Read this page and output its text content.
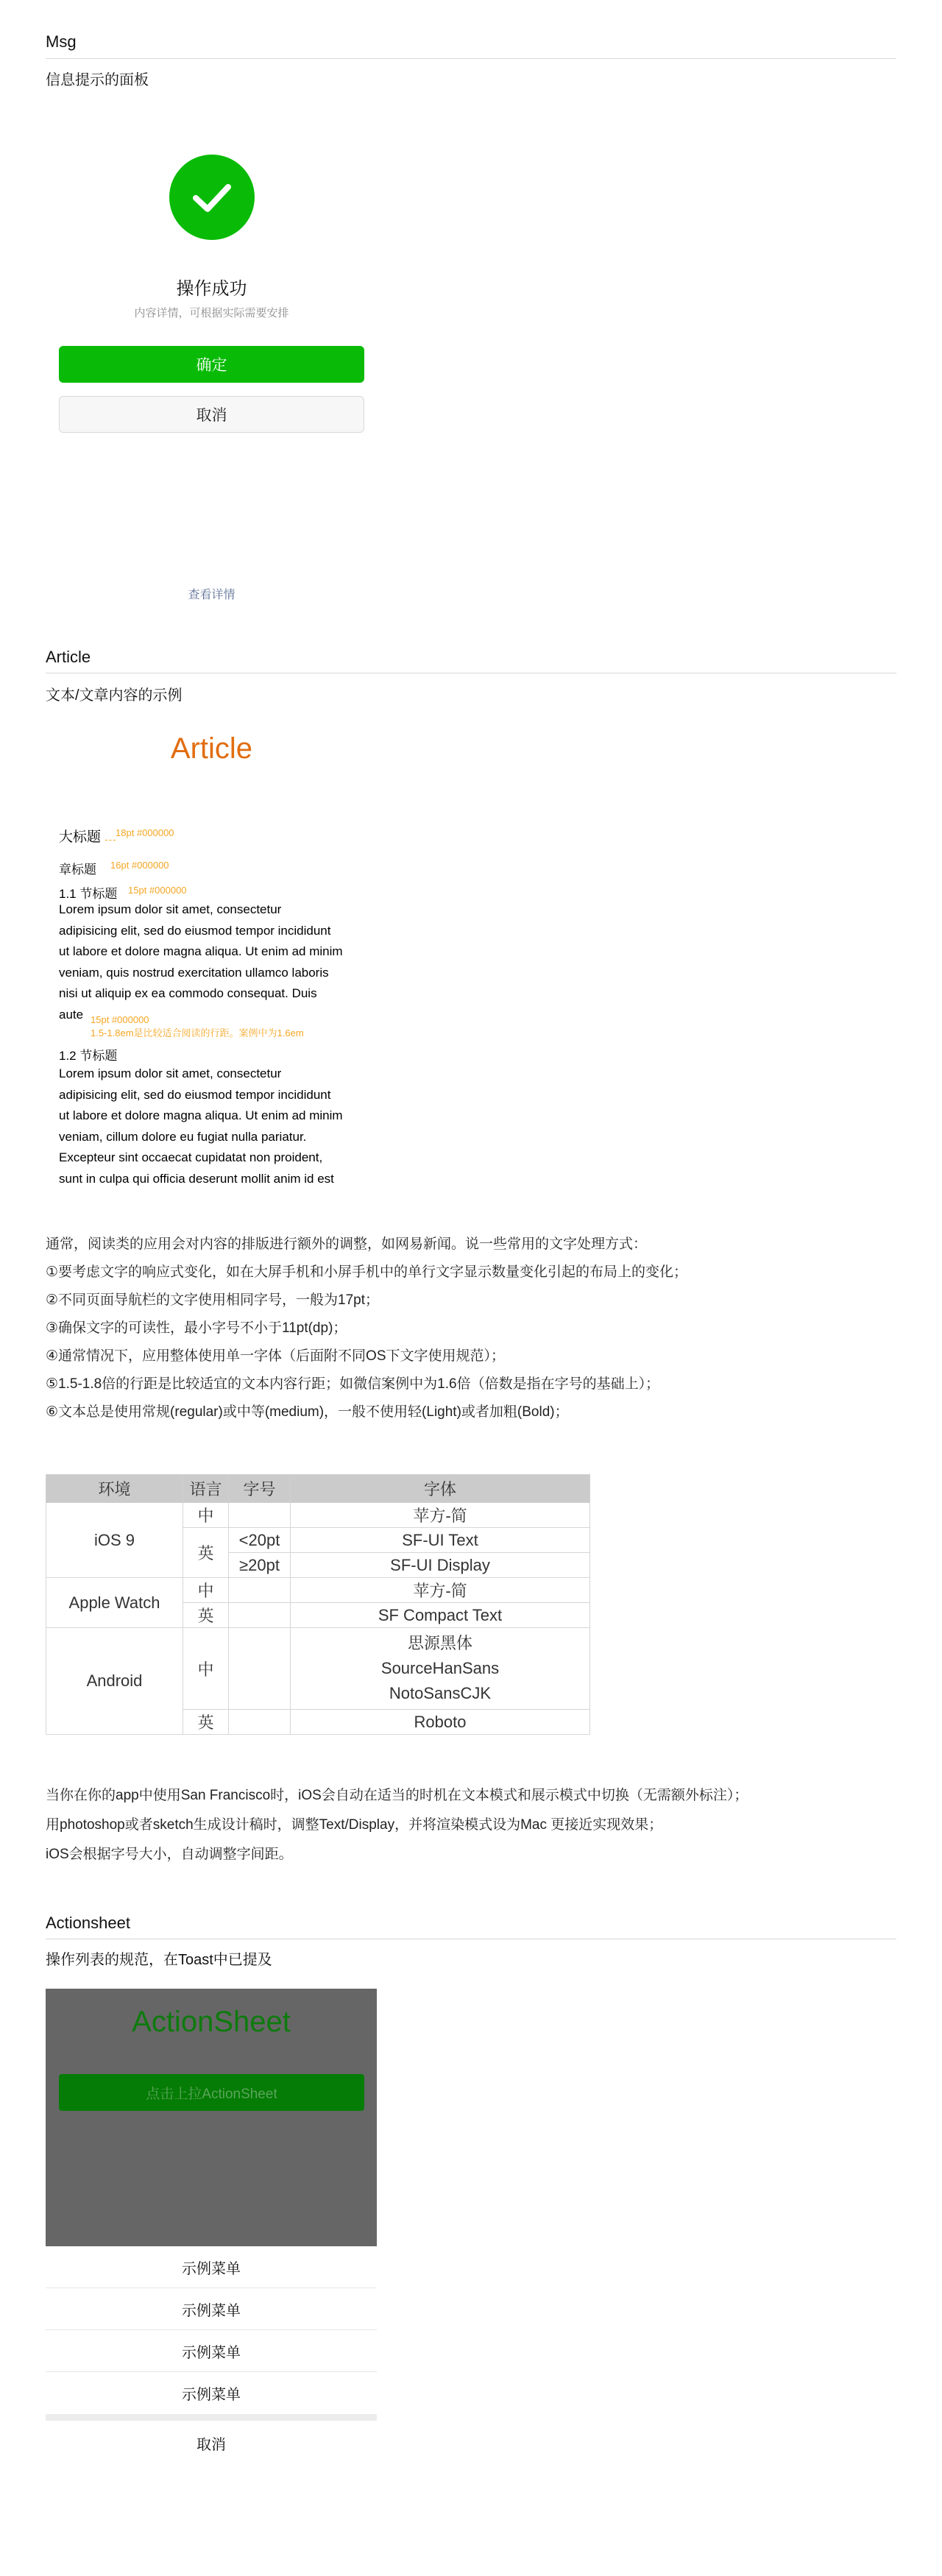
Msg
信息提示的面板
操作成功
内容详情，可根据实际需要安排
确定
取消
查看详情
Article
文本/文章内容的示例
Article
大标题 18pt #000000
章标题 16pt #000000
1.1 节标题 15pt #000000
Lorem ipsum dolor sit amet, consectetur
adipisicing elit, sed do eiusmod tempor incididunt
ut labore et dolore magna aliqua. Ut enim ad minim
veniam, quis nostrud exercitation ullamco laboris
nisi ut aliquip ex ea commodo consequat. Duis
aute 15pt #000000
1.5-1.8em是比较适合阅读的行距。案例中为1.6em
1.2 节标题
Lorem ipsum dolor sit amet, consectetur
adipisicing elit, sed do eiusmod tempor incididunt
ut labore et dolore magna aliqua. Ut enim ad minim
veniam, cillum dolore eu fugiat nulla pariatur.
Excepteur sint occaecat cupidatat non proident,
sunt in culpa qui officia deserunt mollit anim id est

通常，阅读类的应用会对内容的排版进行额外的调整，如网易新闻。说一些常用的文字处理方式：

①要考虑文字的响应式变化，如在大屏手机和小屏手机中的单行文字显示数量变化引起的布局上的变化；

②不同页面导航栏的文字使用相同字号，一般为17pt；

③确保文字的可读性，最小字号不小于11pt(dp)；

④通常情况下，应用整体使用单一字体（后面附不同OS下文字使用规范）；

⑤1.5-1.8倍的行距是比较适宜的文本内容行距；如微信案例中为1.6倍（倍数是指在字号的基础上）；

⑥文本总是使用常规(regular)或中等(medium)，一般不使用轻(Light)或者加粗(Bold)；

环境	语言	字号	字体
iOS 9	中		苹方-简
	英	<20pt	SF-UI Text
		≥20pt	SF-UI Display
Apple Watch	中		苹方-简
	英		SF Compact Text
Android	中		思源黑体
SourceHanSans
NotoSansCJK

	英		Roboto

当你在你的app中使用San Francisco时，iOS会自动在适当的时机在文本模式和展示模式中切换（无需额外标注）；

用photoshop或者sketch生成设计稿时，调整Text/Display，并将渲染模式设为Mac 更接近实现效果；

iOS会根据字号大小，自动调整字间距。

Actionsheet
操作列表的规范，在Toast中已提及
ActionSheet
点击上拉ActionSheet
示例菜单
示例菜单
示例菜单
示例菜单
取消
